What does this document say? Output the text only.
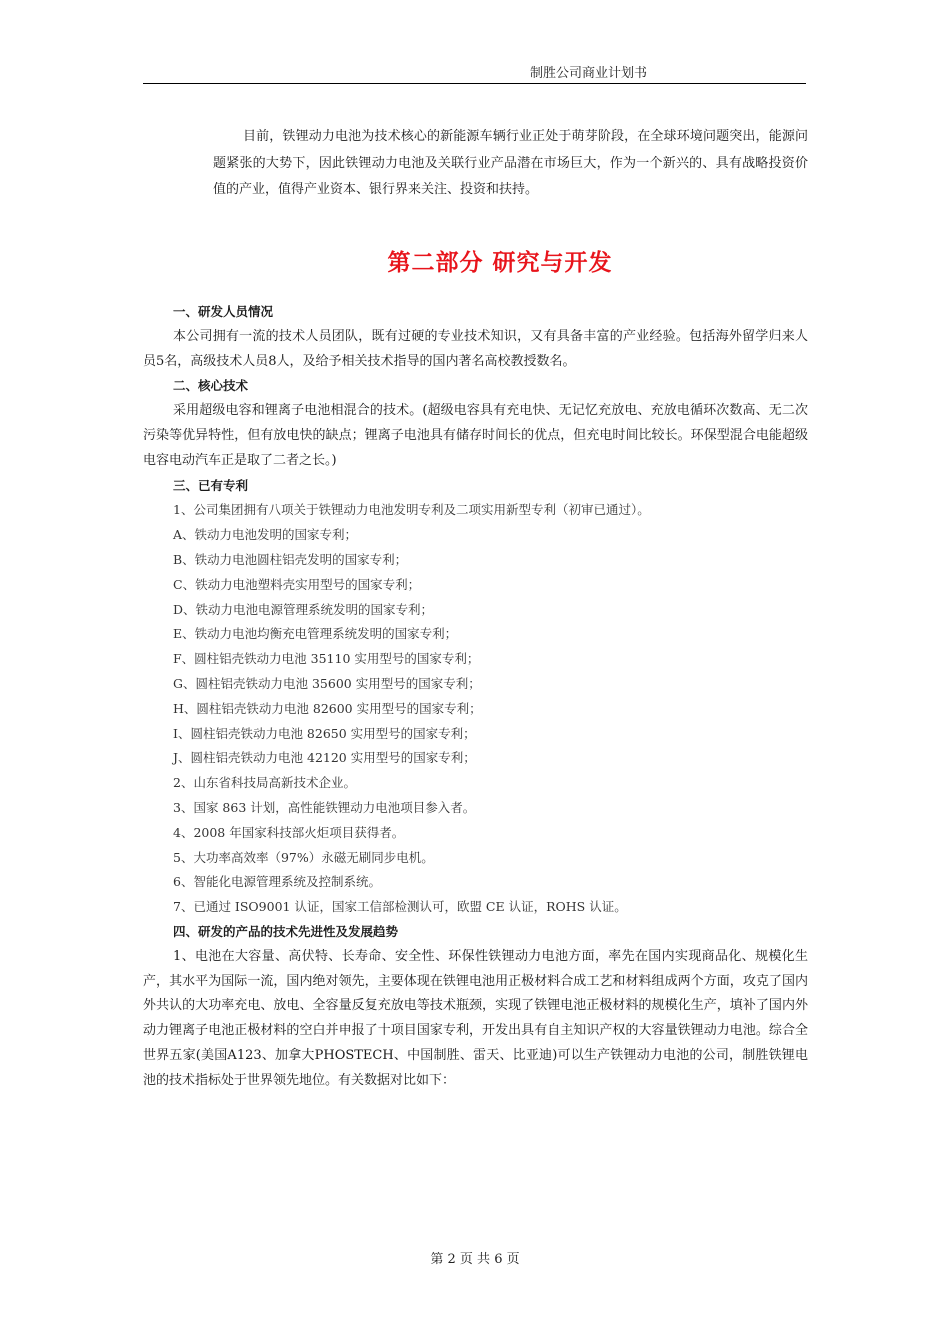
制胜公司商业计划书

目前，铁锂动力电池为技术核心的新能源车辆行业正处于萌芽阶段，在全球环境问题突出，能源问题紧张的大势下，因此铁锂动力电池及关联行业产品潜在市场巨大，作为一个新兴的、具有战略投资价值的产业，值得产业资本、银行界来关注、投资和扶持。

第二部分 研究与开发

一、研发人员情况

本公司拥有一流的技术人员团队，既有过硬的专业技术知识，又有具备丰富的产业经验。包括海外留学归来人员5名，高级技术人员8人，及给予相关技术指导的国内著名高校教授数名。

二、核心技术

采用超级电容和锂离子电池相混合的技术。(超级电容具有充电快、无记忆充放电、充放电循环次数高、无二次污染等优异特性，但有放电快的缺点；锂离子电池具有储存时间长的优点，但充电时间比较长。环保型混合电能超级电容电动汽车正是取了二者之长。)

三、已有专利

1、公司集团拥有八项关于铁锂动力电池发明专利及二项实用新型专利（初审已通过）。

A、铁动力电池发明的国家专利；

B、铁动力电池圆柱铝壳发明的国家专利；

C、铁动力电池塑料壳实用型号的国家专利；

D、铁动力电池电源管理系统发明的国家专利；

E、铁动力电池均衡充电管理系统发明的国家专利；

F、圆柱铝壳铁动力电池 35110 实用型号的国家专利；

G、圆柱铝壳铁动力电池 35600 实用型号的国家专利；

H、圆柱铝壳铁动力电池 82600 实用型号的国家专利；

I、圆柱铝壳铁动力电池 82650 实用型号的国家专利；

J、圆柱铝壳铁动力电池 42120 实用型号的国家专利；

2、山东省科技局高新技术企业。

3、国家 863 计划，高性能铁锂动力电池项目参入者。

4、2008 年国家科技部火炬项目获得者。

5、大功率高效率（97%）永磁无刷同步电机。

6、智能化电源管理系统及控制系统。

7、已通过 ISO9001 认证，国家工信部检测认可，欧盟 CE 认证，ROHS 认证。

四、研发的产品的技术先进性及发展趋势

1、电池在大容量、高伏特、长寿命、安全性、环保性铁锂动力电池方面，率先在国内实现商品化、规模化生产，其水平为国际一流，国内绝对领先，主要体现在铁锂电池用正极材料合成工艺和材料组成两个方面，攻克了国内外共认的大功率充电、放电、全容量反复充放电等技术瓶颈，实现了铁锂电池正极材料的规模化生产，填补了国内外动力锂离子电池正极材料的空白并申报了十项目国家专利，开发出具有自主知识产权的大容量铁锂动力电池。综合全世界五家(美国A123、加拿大PHOSTECH、中国制胜、雷天、比亚迪)可以生产铁锂动力电池的公司，制胜铁锂电池的技术指标处于世界领先地位。有关数据对比如下：

第 2 页 共 6 页
